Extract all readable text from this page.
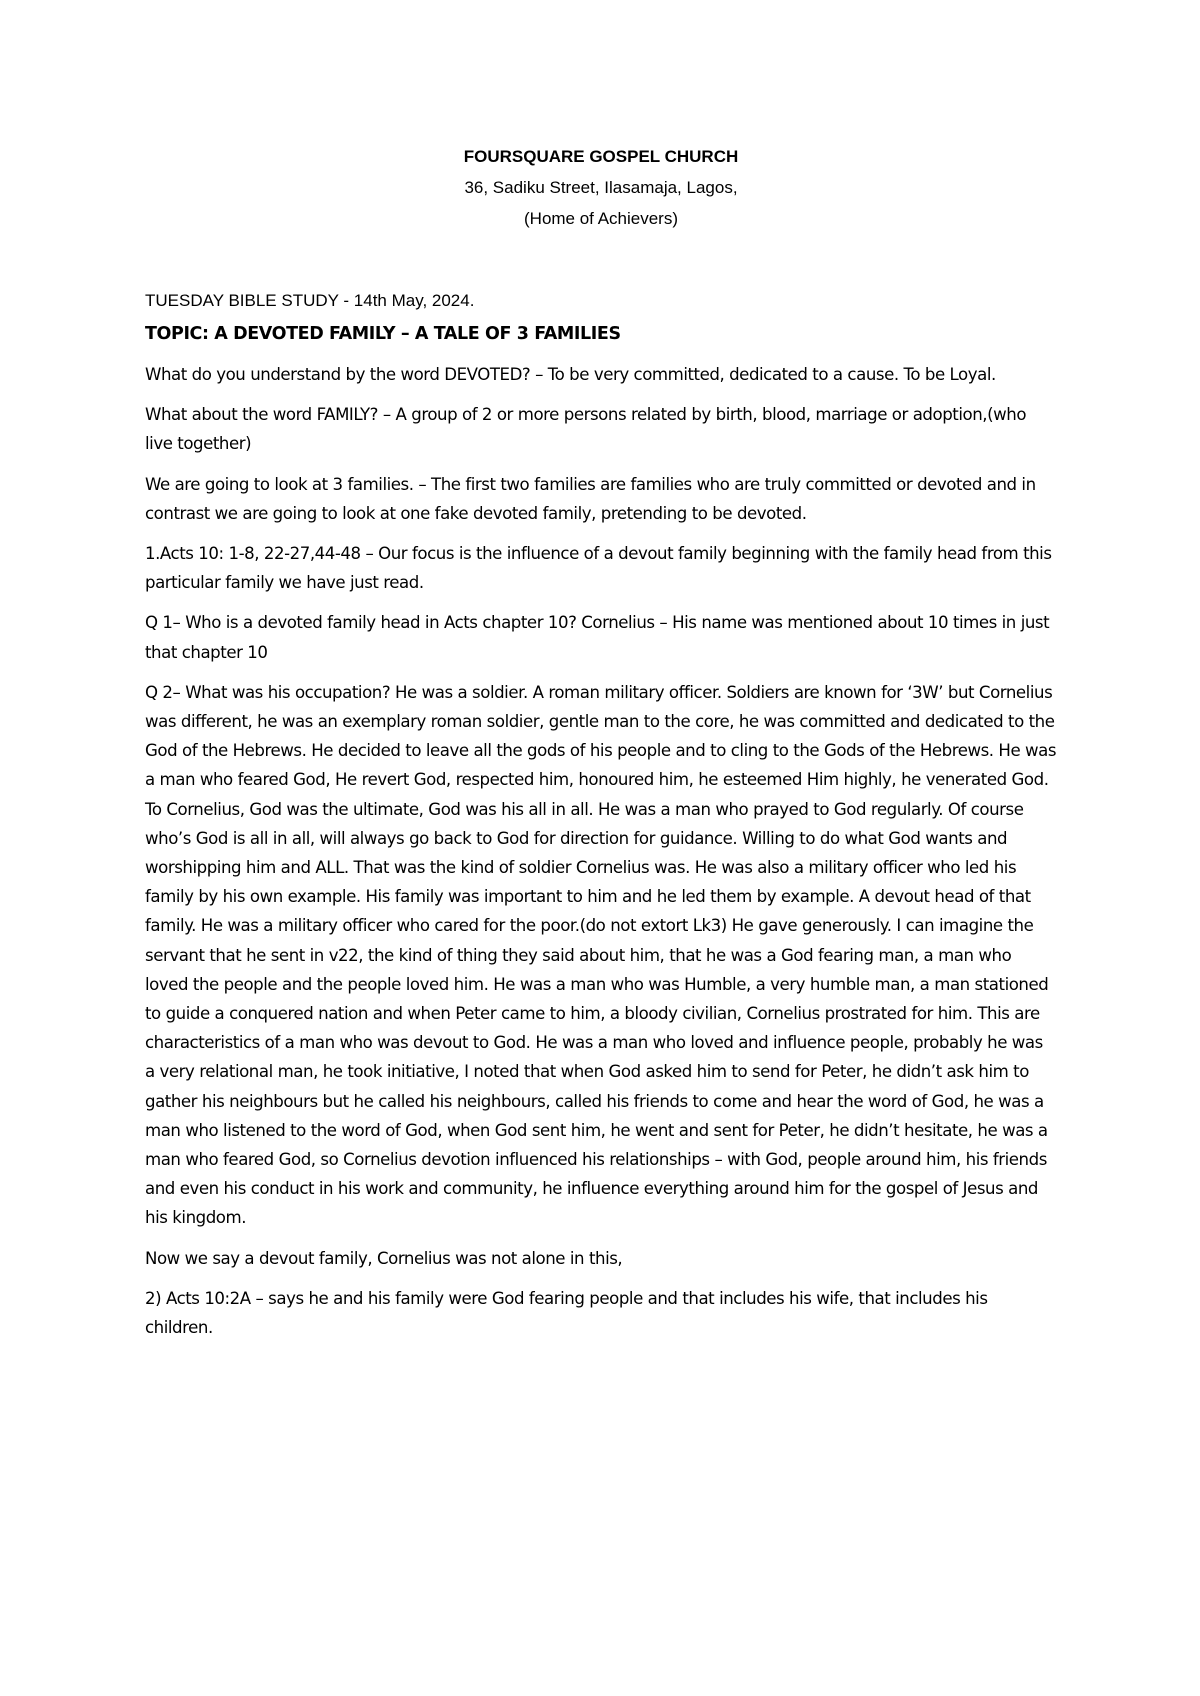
FOURSQUARE GOSPEL CHURCH
36, Sadiku Street, Ilasamaja, Lagos,
(Home of Achievers)
TUESDAY BIBLE STUDY - 14th May, 2024.
TOPIC: A DEVOTED FAMILY – A TALE OF 3 FAMILIES

What do you understand by the word DEVOTED? – To be very committed, dedicated to a cause. To be Loyal.

What about the word FAMILY? – A group of 2 or more persons related by birth, blood, marriage or adoption,(who live together)

We are going to look at 3 families. – The first two families are families who are truly committed or devoted and in contrast we are going to look at one fake devoted family, pretending to be devoted.

1.Acts 10: 1-8, 22-27,44-48 – Our focus is the influence of a devout family beginning with the family head from this particular family we have just read.

Q 1– Who is a devoted family head in Acts chapter 10? Cornelius – His name was mentioned about 10 times in just that chapter 10

Q 2– What was his occupation? He was a soldier. A roman military officer. Soldiers are known for ‘3W’ but Cornelius was different, he was an exemplary roman soldier, gentle man to the core, he was committed and dedicated to the God of the Hebrews. He decided to leave all the gods of his people and to cling to the Gods of the Hebrews. He was a man who feared God, He revert God, respected him, honoured him, he esteemed Him highly, he venerated God. To Cornelius, God was the ultimate, God was his all in all. He was a man who prayed to God regularly. Of course who’s God is all in all, will always go back to God for direction for guidance. Willing to do what God wants and worshipping him and ALL. That was the kind of soldier Cornelius was. He was also a military officer who led his family by his own example. His family was important to him and he led them by example. A devout head of that family. He was a military officer who cared for the poor.(do not extort Lk3) He gave generously. I can imagine the servant that he sent in v22, the kind of thing they said about him, that he was a God fearing man, a man who loved the people and the people loved him. He was a man who was Humble, a very humble man, a man stationed to guide a conquered nation and when Peter came to him, a bloody civilian, Cornelius prostrated for him. This are characteristics of a man who was devout to God. He was a man who loved and influence people, probably he was a very relational man, he took initiative, I noted that when God asked him to send for Peter, he didn’t ask him to gather his neighbours but he called his neighbours, called his friends to come and hear the word of God, he was a man who listened to the word of God, when God sent him, he went and sent for Peter, he didn’t hesitate, he was a man who feared God, so Cornelius devotion influenced his relationships – with God, people around him, his friends and even his conduct in his work and community, he influence everything around him for the gospel of Jesus and his kingdom.

Now we say a devout family, Cornelius was not alone in this,

2) Acts 10:2A – says he and his family were God fearing people and that includes his wife, that includes his children.
